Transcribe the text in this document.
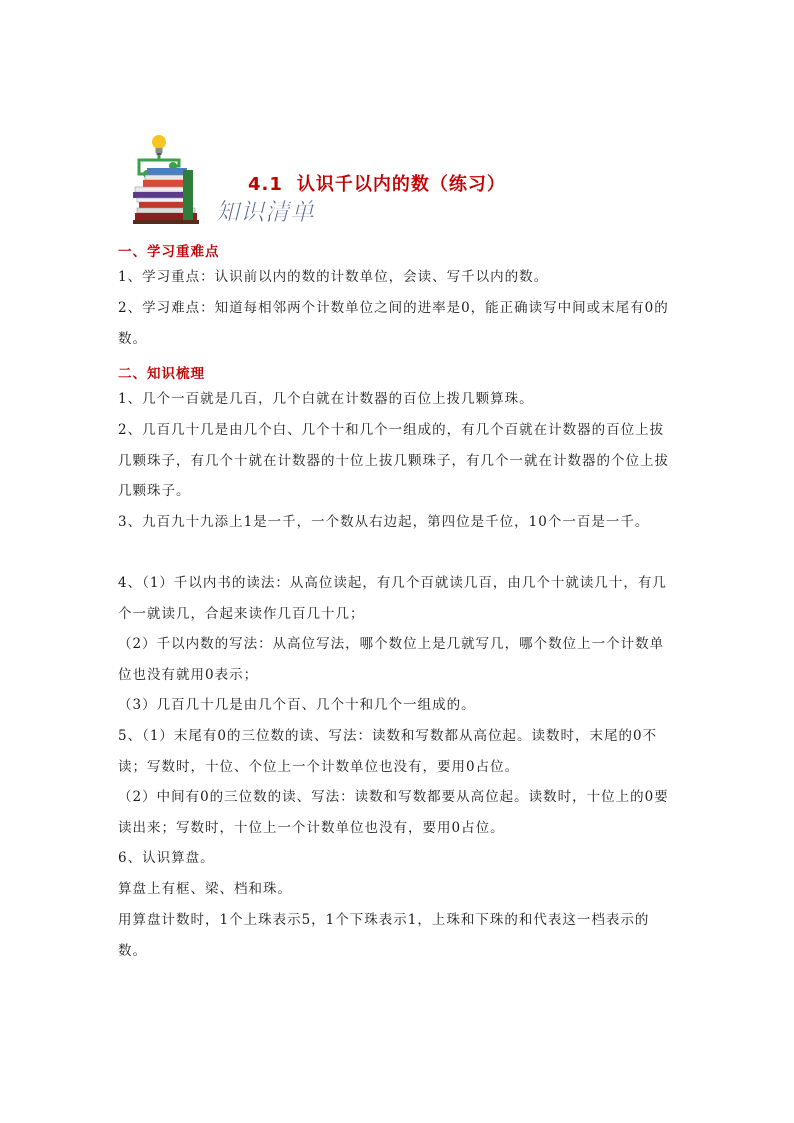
知识清单
4.1 认识千以内的数（练习）
一、学习重难点
1、学习重点：认识前以内的数的计数单位，会读、写千以内的数。
2、学习难点：知道每相邻两个计数单位之间的进率是0，能正确读写中间或末尾有0的数。
二、知识梳理
1、几个一百就是几百，几个白就在计数器的百位上拨几颗算珠。
2、几百几十几是由几个白、几个十和几个一组成的，有几个百就在计数器的百位上拔几颗珠子，有几个十就在计数器的十位上拔几颗珠子，有几个一就在计数器的个位上拔几颗珠子。
3、九百九十九添上1是一千，一个数从右边起，第四位是千位，10个一百是一千。
4、（1）千以内书的读法：从高位读起，有几个百就读几百，由几个十就读几十，有几个一就读几，合起来读作几百几十几；
（2）千以内数的写法：从高位写法，哪个数位上是几就写几，哪个数位上一个计数单位也没有就用0表示；
（3）几百几十几是由几个百、几个十和几个一组成的。
5、（1）末尾有0的三位数的读、写法：读数和写数都从高位起。读数时，末尾的0不读；写数时，十位、个位上一个计数单位也没有，要用0占位。
（2）中间有0的三位数的读、写法：读数和写数都要从高位起。读数时，十位上的0要读出来；写数时，十位上一个计数单位也没有，要用0占位。
6、认识算盘。
算盘上有框、梁、档和珠。
用算盘计数时，1个上珠表示5，1个下珠表示1，上珠和下珠的和代表这一档表示的数。
